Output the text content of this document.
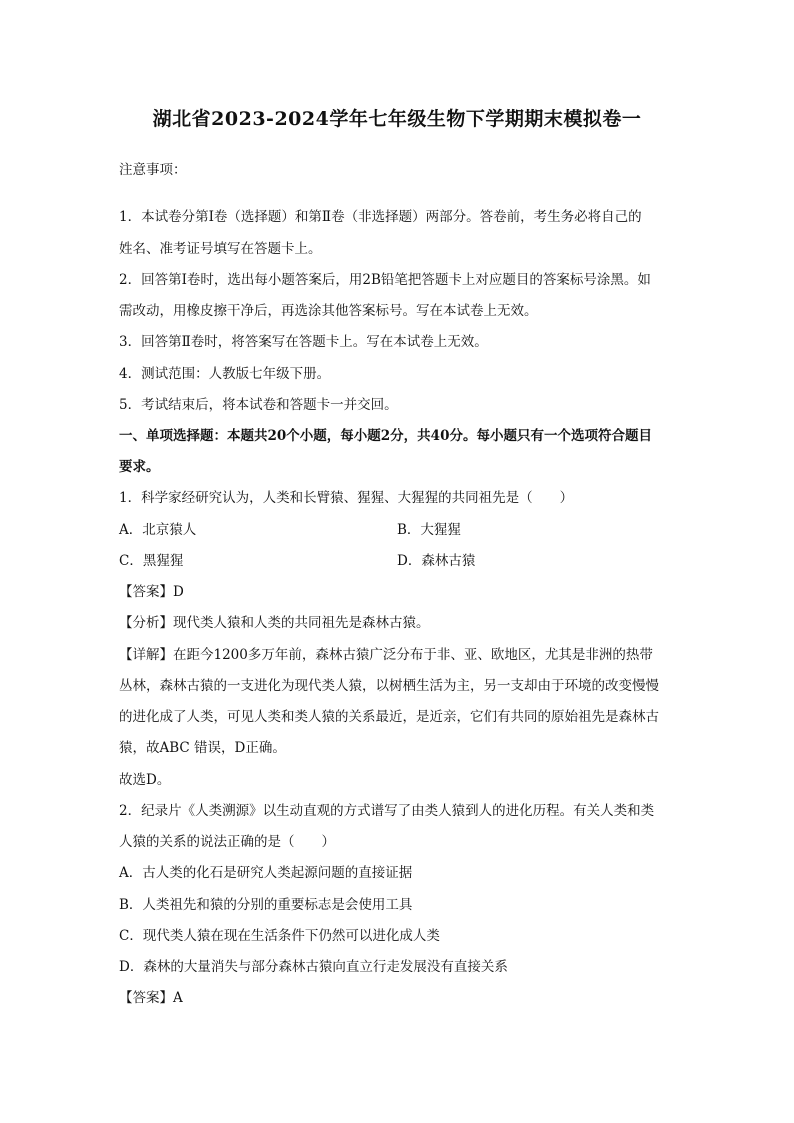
湖北省2023-2024学年七年级生物下学期期末模拟卷一
注意事项：
1．本试卷分第Ⅰ卷（选择题）和第Ⅱ卷（非选择题）两部分。答卷前，考生务必将自己的
姓名、准考证号填写在答题卡上。
2．回答第Ⅰ卷时，选出每小题答案后，用2B铅笔把答题卡上对应题目的答案标号涂黑。如
需改动，用橡皮擦干净后，再选涂其他答案标号。写在本试卷上无效。
3．回答第Ⅱ卷时，将答案写在答题卡上。写在本试卷上无效。
4．测试范围：人教版七年级下册。
5．考试结束后，将本试卷和答题卡一并交回。
一、单项选择题：本题共20个小题，每小题2分，共40分。每小题只有一个选项符合题目
要求。
1．科学家经研究认为，人类和长臂猿、猩猩、大猩猩的共同祖先是（　　）
A．北京猿人	B．大猩猩
C．黑猩猩	D．森林古猿
【答案】D
【分析】现代类人猿和人类的共同祖先是森林古猿。
【详解】在距今1200多万年前，森林古猿广泛分布于非、亚、欧地区，尤其是非洲的热带
丛林，森林古猿的一支进化为现代类人猿，以树栖生活为主，另一支却由于环境的改变慢慢
的进化成了人类，可见人类和类人猿的关系最近，是近亲，它们有共同的原始祖先是森林古
猿，故ABC 错误，D正确。
故选D。
2．纪录片《人类溯源》以生动直观的方式谱写了由类人猿到人的进化历程。有关人类和类
人猿的关系的说法正确的是（　　）
A．古人类的化石是研究人类起源问题的直接证据
B．人类祖先和猿的分别的重要标志是会使用工具
C．现代类人猿在现在生活条件下仍然可以进化成人类
D．森林的大量消失与部分森林古猿向直立行走发展没有直接关系
【答案】A
